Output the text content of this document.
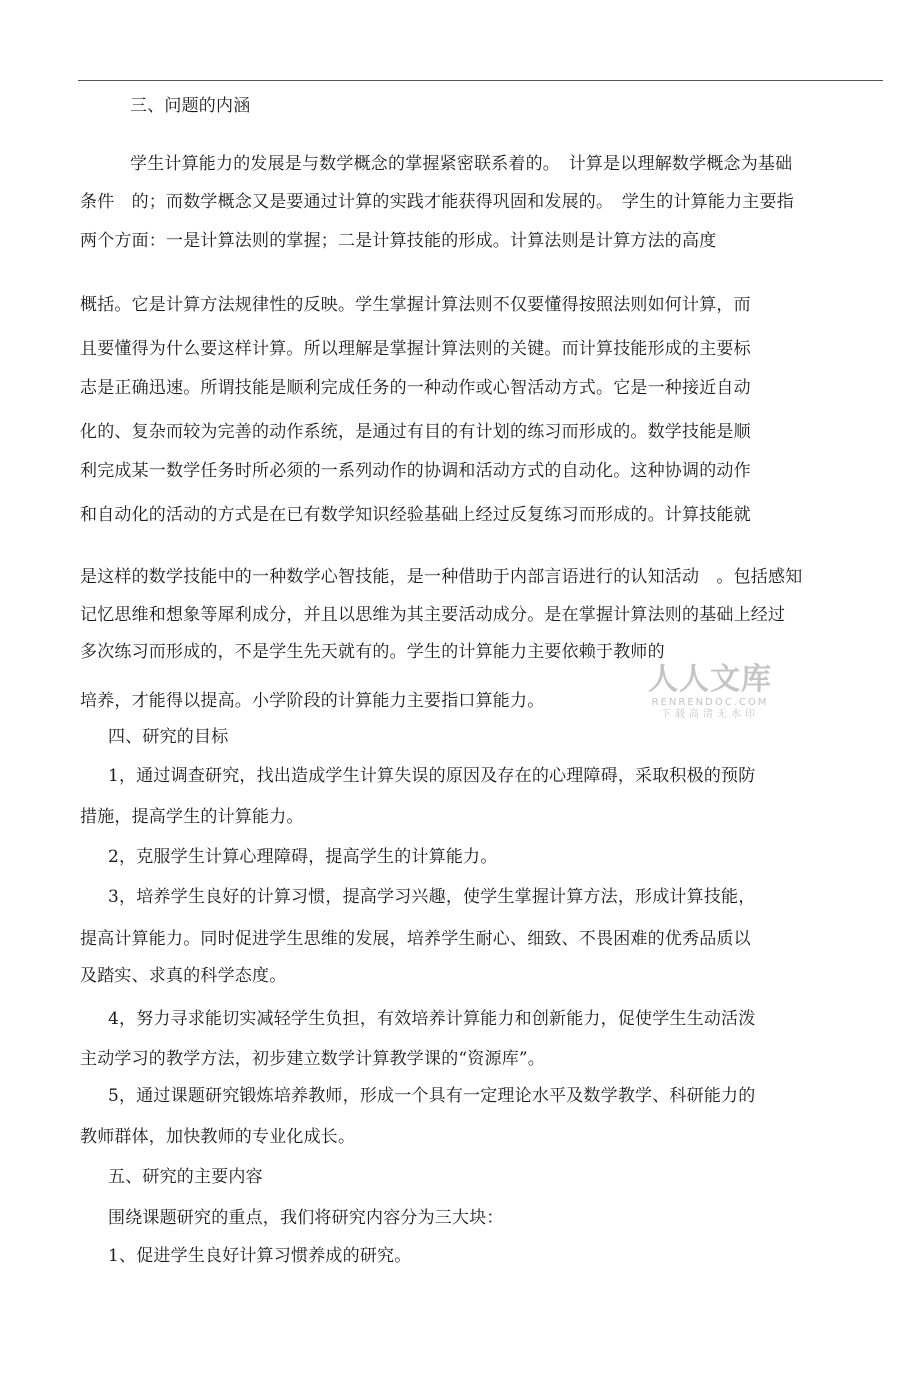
三、问题的内涵
学生计算能力的发展是与数学概念的掌握紧密联系着的。　计算是以理解数学概念为基础
条件　的；而数学概念又是要通过计算的实践才能获得巩固和发展的。　学生的计算能力主要指
两个方面：一是计算法则的掌握；二是计算技能的形成。计算法则是计算方法的高度
概括。它是计算方法规律性的反映。学生掌握计算法则不仅要懂得按照法则如何计算，而
且要懂得为什么要这样计算。所以理解是掌握计算法则的关键。而计算技能形成的主要标
志是正确迅速。所谓技能是顺利完成任务的一种动作或心智活动方式。它是一种接近自动
化的、复杂而较为完善的动作系统，是通过有目的有计划的练习而形成的。数学技能是顺
利完成某一数学任务时所必须的一系列动作的协调和活动方式的自动化。这种协调的动作
和自动化的活动的方式是在已有数学知识经验基础上经过反复练习而形成的。计算技能就
是这样的数学技能中的一种数学心智技能，是一种借助于内部言语进行的认知活动　。包括感知
记忆思维和想象等犀利成分，并且以思维为其主要活动成分。是在掌握计算法则的基础上经过
多次练习而形成的，不是学生先天就有的。学生的计算能力主要依赖于教师的
培养，才能得以提高。小学阶段的计算能力主要指口算能力。
四、研究的目标
1，通过调查研究，找出造成学生计算失误的原因及存在的心理障碍，采取积极的预防
措施，提高学生的计算能力。
2，克服学生计算心理障碍，提高学生的计算能力。
3，培养学生良好的计算习惯，提高学习兴趣，使学生掌握计算方法，形成计算技能，
提高计算能力。同时促进学生思维的发展，培养学生耐心、细致、不畏困难的优秀品质以
及踏实、求真的科学态度。
4，努力寻求能切实减轻学生负担，有效培养计算能力和创新能力，促使学生生动活泼
主动学习的教学方法，初步建立数学计算教学课的“资源库”。
5，通过课题研究锻炼培养教师，形成一个具有一定理论水平及数学教学、科研能力的
教师群体，加快教师的专业化成长。
五、研究的主要内容
围绕课题研究的重点，我们将研究内容分为三大块：
1、促进学生良好计算习惯养成的研究。
人人文库
RENRENDOC.COM
下载高清无水印
